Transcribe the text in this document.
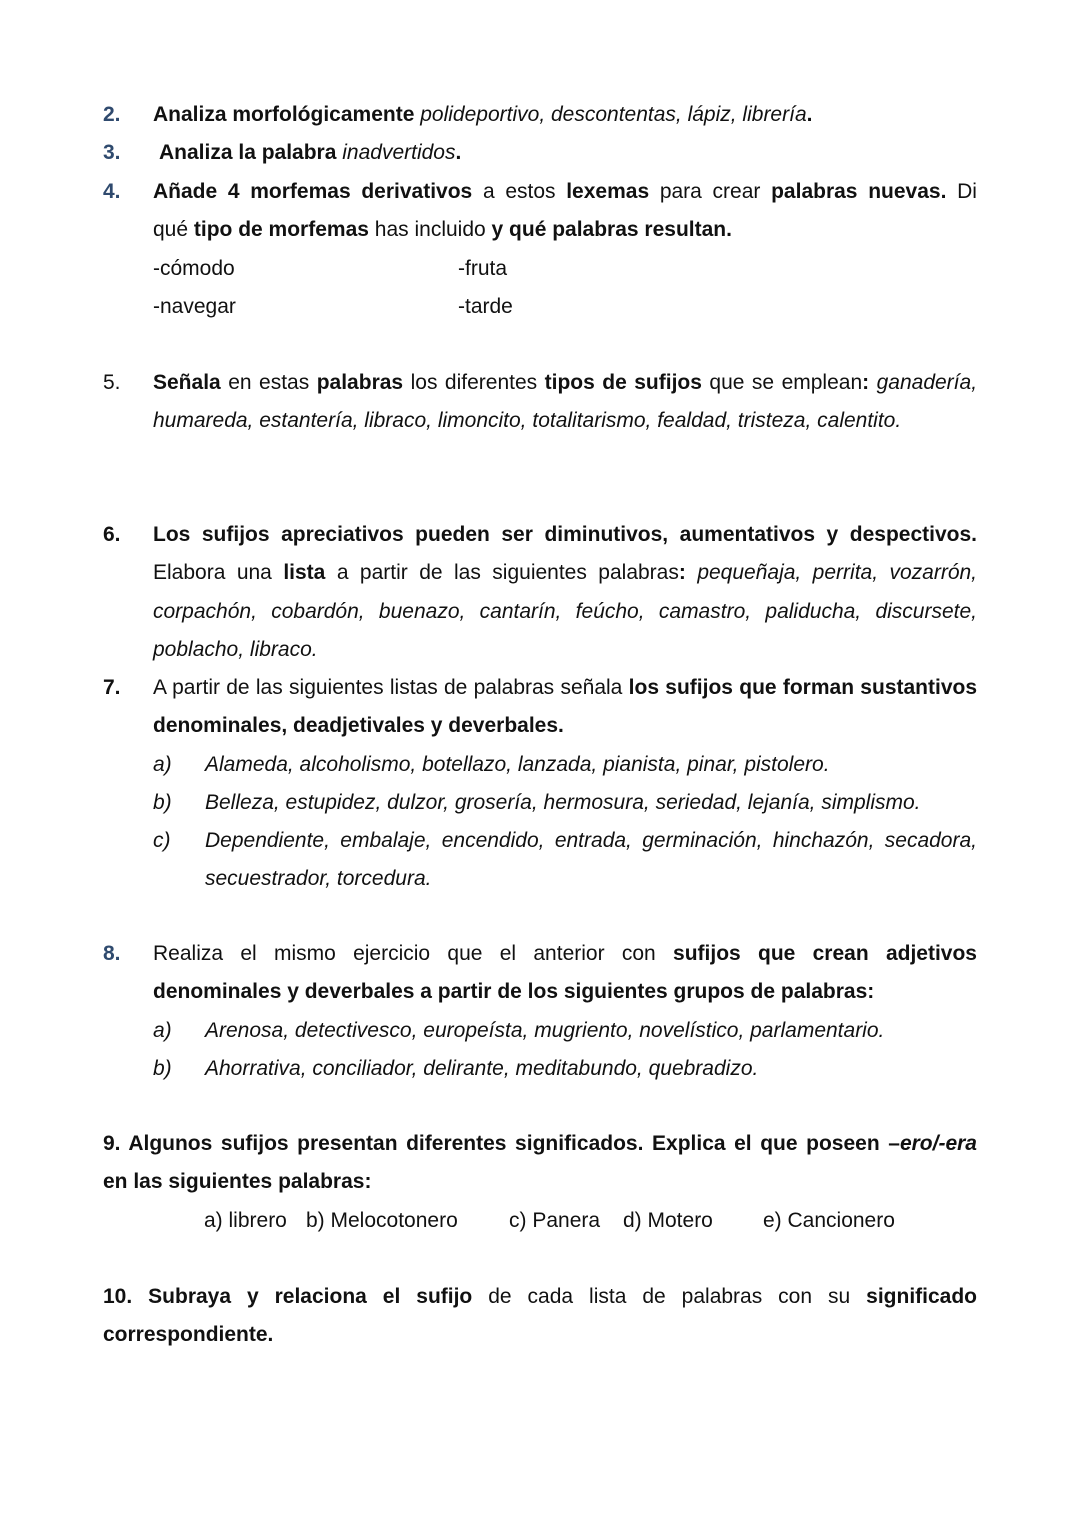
2. Analiza morfológicamente polideportivo, descontentas, lápiz, librería.
3. Analiza la palabra inadvertidos.
4. Añade 4 morfemas derivativos a estos lexemas para crear palabras nuevas. Di
qué tipo de morfemas has incluido y qué palabras resultan.
-cómodo	-fruta
-navegar	-tarde
5. Señala en estas palabras los diferentes tipos de sufijos que se emplean: ganadería, humareda, estantería, libraco, limoncito, totalitarismo, fealdad, tristeza, calentito.
6. Los sufijos apreciativos pueden ser diminutivos, aumentativos y despectivos. Elabora una lista a partir de las siguientes palabras: pequeñaja, perrita, vozarrón, corpachón, cobardón, buenazo, cantarín, feúcho, camastro, paliducha, discursete, poblacho, libraco.
7. A partir de las siguientes listas de palabras señala los sufijos que forman sustantivos denominales, deadjetivales y deverbales.
a)	Alameda, alcoholismo, botellazo, lanzada, pianista, pinar, pistolero.
b)	Belleza, estupidez, dulzor, grosería, hermosura, seriedad, lejanía, simplismo.
c)	Dependiente, embalaje, encendido, entrada, germinación, hinchazón, secadora, secuestrador, torcedura.
8. Realiza el mismo ejercicio que el anterior con sufijos que crean adjetivos denominales y deverbales a partir de los siguientes grupos de palabras:
a)	Arenosa, detectivesco, europeísta, mugriento, novelístico, parlamentario.
b)	Ahorrativa, conciliador, delirante, meditabundo, quebradizo.
9. Algunos sufijos presentan diferentes significados. Explica el que poseen –ero/-era en las siguientes palabras:
a) librero b) Melocotonero c) Panera d) Motero e) Cancionero
10. Subraya y relaciona el sufijo de cada lista de palabras con su significado correspondiente.
